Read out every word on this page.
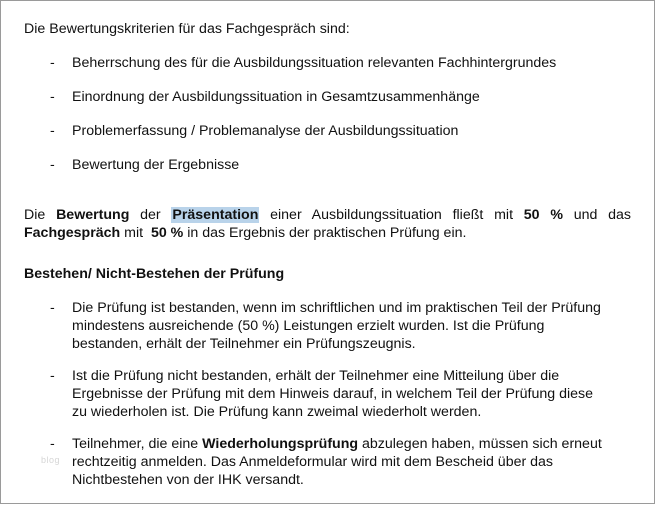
Die Bewertungskriterien für das Fachgespräch sind:
- Beherrschung des für die Ausbildungssituation relevanten Fachhintergrundes
- Einordnung der Ausbildungssituation in Gesamtzusammenhänge
- Problemerfassung / Problemanalyse der Ausbildungssituation
- Bewertung der Ergebnisse
Die Bewertung der Präsentation einer Ausbildungssituation fließt mit 50 % und das
Fachgespräch mit  50 % in das Ergebnis der praktischen Prüfung ein.
Bestehen/ Nicht-Bestehen der Prüfung
- Die Prüfung ist bestanden, wenn im schriftlichen und im praktischen Teil der Prüfung
mindestens ausreichende (50 %) Leistungen erzielt wurden. Ist die Prüfung
bestanden, erhält der Teilnehmer ein Prüfungszeugnis.
- Ist die Prüfung nicht bestanden, erhält der Teilnehmer eine Mitteilung über die
Ergebnisse der Prüfung mit dem Hinweis darauf, in welchem Teil der Prüfung diese
zu wiederholen ist. Die Prüfung kann zweimal wiederholt werden.
- Teilnehmer, die eine Wiederholungsprüfung abzulegen haben, müssen sich erneut
rechtzeitig anmelden. Das Anmeldeformular wird mit dem Bescheid über das
Nichtbestehen von der IHK versandt.
blog
